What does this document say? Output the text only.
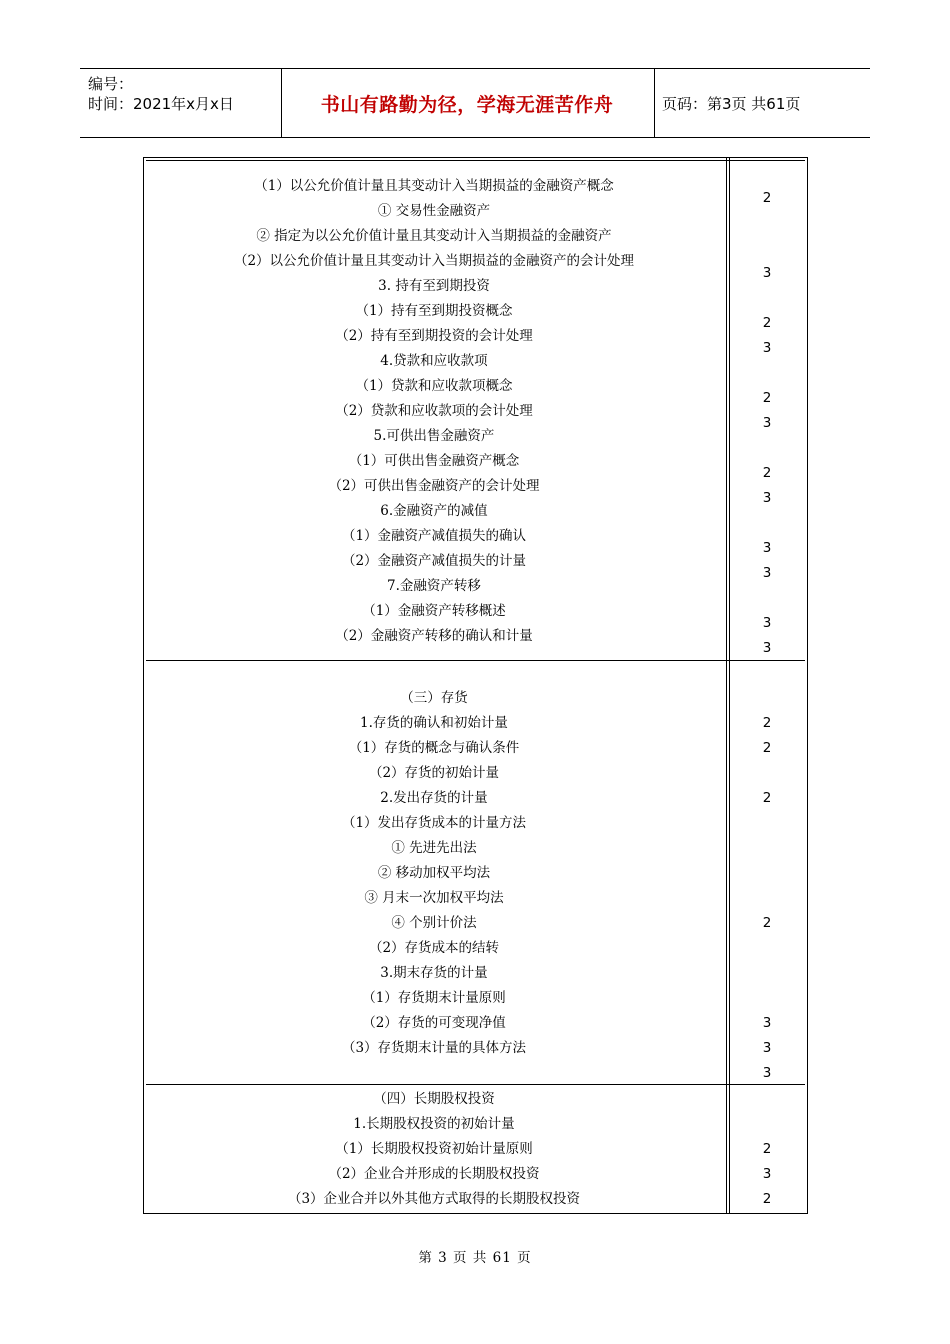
编号：
时间：2021年x月x日	书山有路勤为径，学海无涯苦作舟	页码：第3页 共61页
（1）以公允价值计量且其变动计入当期损益的金融资产概念
① 交易性金融资产
② 指定为以公允价值计量且其变动计入当期损益的金融资产
（2）以公允价值计量且其变动计入当期损益的金融资产的会计处理
3. 持有至到期投资
（1）持有至到期投资概念
（2）持有至到期投资的会计处理
4.贷款和应收款项
（1）贷款和应收款项概念
（2）贷款和应收款项的会计处理
5.可供出售金融资产
（1）可供出售金融资产概念
（2）可供出售金融资产的会计处理
6.金融资产的减值
（1）金融资产减值损失的确认
（2）金融资产减值损失的计量
7.金融资产转移
（1）金融资产转移概述
（2）金融资产转移的确认和计量
2
3
2
3
2
3
2
3
3
3
3
3
（三）存货
1.存货的确认和初始计量
（1）存货的概念与确认条件
（2）存货的初始计量
2.发出存货的计量
（1）发出存货成本的计量方法
① 先进先出法
② 移动加权平均法
③ 月末一次加权平均法
④ 个别计价法
（2）存货成本的结转
3.期末存货的计量
（1）存货期末计量原则
（2）存货的可变现净值
（3）存货期末计量的具体方法
2
2
2
2
3
3
3
（四）长期股权投资
1.长期股权投资的初始计量
（1）长期股权投资初始计量原则
（2）企业合并形成的长期股权投资
（3）企业合并以外其他方式取得的长期股权投资
2
3
2
第 3 页 共 61 页
